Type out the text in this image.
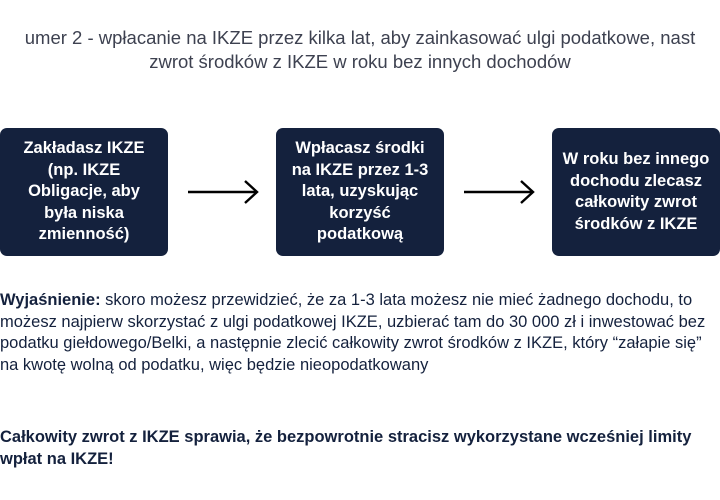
umer 2 - wpłacanie na IKZE przez kilka lat, aby zainkasować ulgi podatkowe, nast
zwrot środków z IKZE w roku bez innych dochodów
Zakładasz IKZE (np. IKZE Obligacje, aby była niska zmienność)
Wpłacasz środki na IKZE przez 1-3 lata, uzyskując korzyść podatkową
W roku bez innego dochodu zlecasz całkowity zwrot środków z IKZE
Wyjaśnienie: skoro możesz przewidzieć, że za 1-3 lata możesz nie mieć żadnego dochodu, to możesz najpierw skorzystać z ulgi podatkowej IKZE, uzbierać tam do 30 000 zł i inwestować bez podatku giełdowego/Belki, a następnie zlecić całkowity zwrot środków z IKZE, który “załapie się” na kwotę wolną od podatku, więc będzie nieopodatkowany
Całkowity zwrot z IKZE sprawia, że bezpowrotnie stracisz wykorzystane wcześniej limity wpłat na IKZE!
